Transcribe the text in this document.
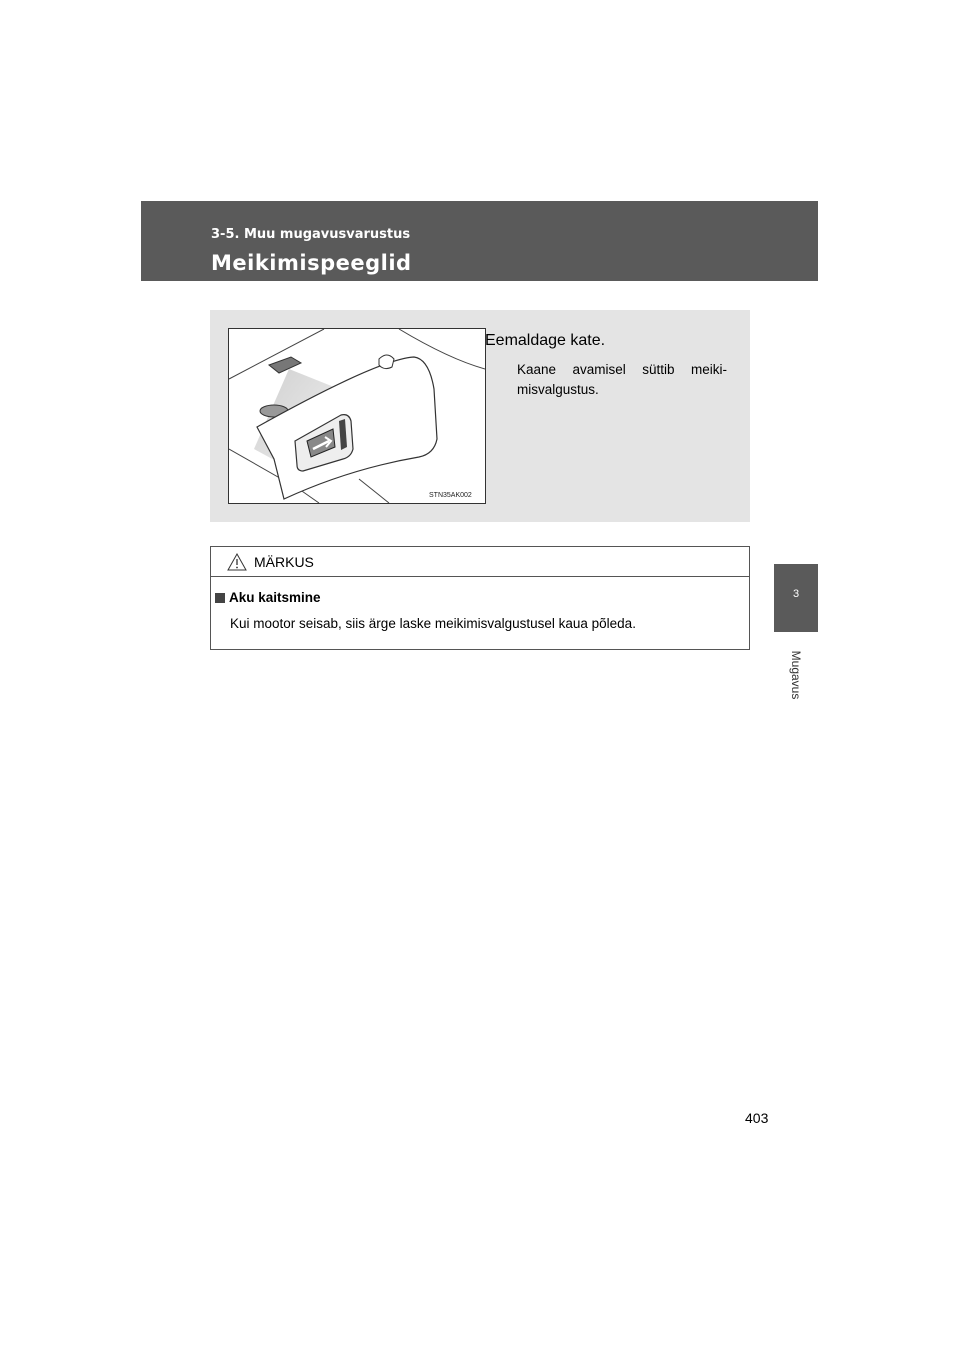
3-5. Muu mugavusvarustus
Meikimispeeglid
3
Mugavus
STN35AK002
Eemaldage kate.
Kaane avamisel süttib meiki-misvalgustus.
MÄRKUS
Aku kaitsmine
Kui mootor seisab, siis ärge laske meikimisvalgustusel kaua põleda.
403
